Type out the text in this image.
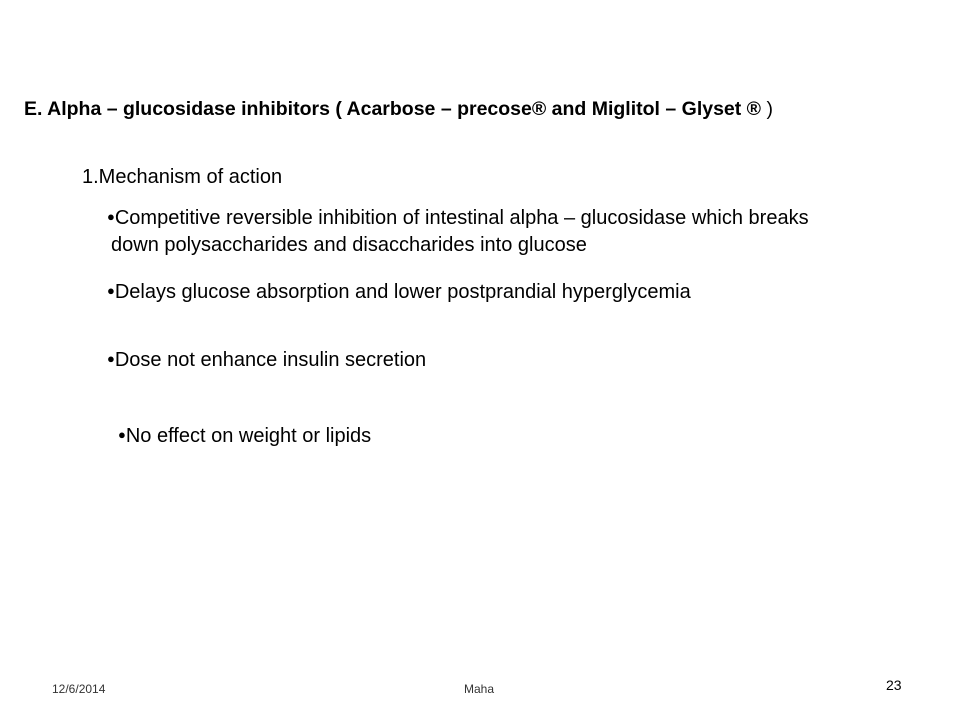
E. Alpha – glucosidase inhibitors ( Acarbose – precose® and Miglitol – Glyset ® )
1.Mechanism of action
●Competitive reversible inhibition of intestinal alpha – glucosidase which breaks
down polysaccharides and disaccharides into glucose
●Delays glucose absorption and lower postprandial hyperglycemia
●Dose not enhance insulin secretion
●No effect on weight or lipids
12/6/2014	Maha	23
